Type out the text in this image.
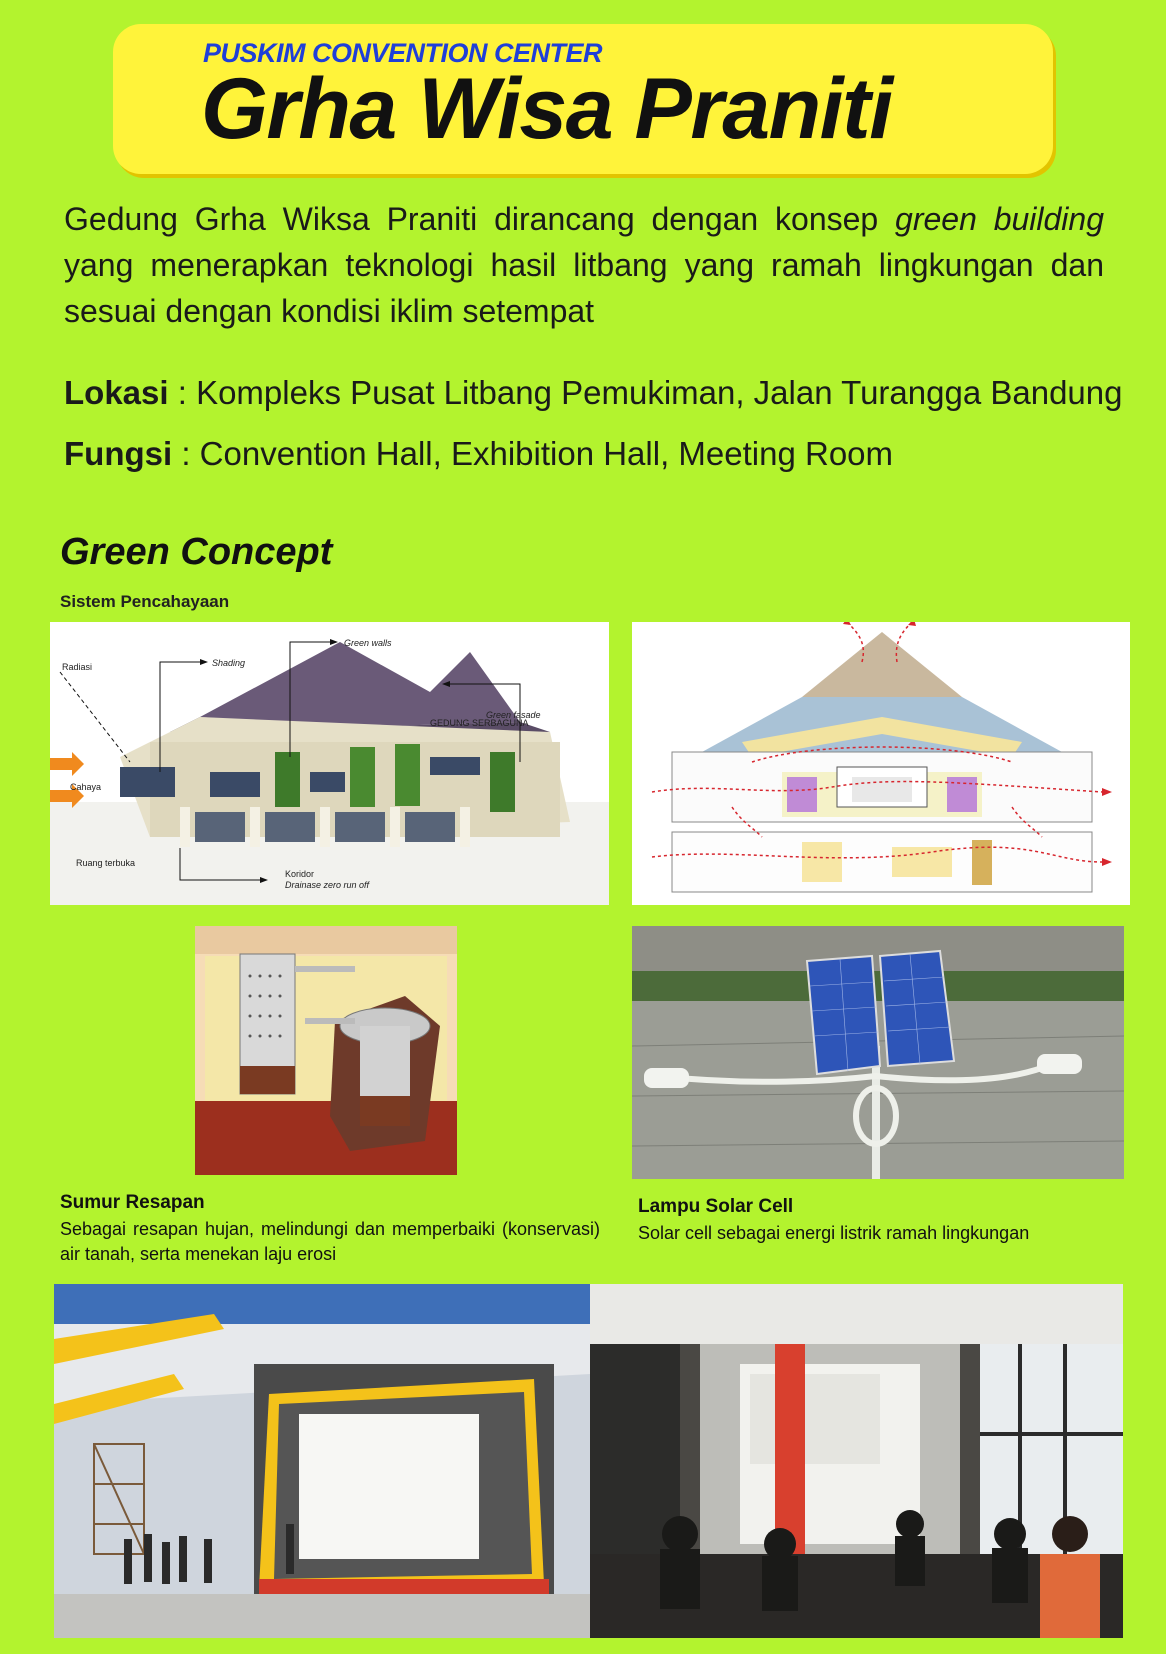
PUSKIM CONVENTION CENTER
Grha Wisa Praniti
Gedung Grha Wiksa Praniti dirancang dengan konsep green building yang menerapkan teknologi hasil litbang yang ramah lingkungan dan sesuai dengan kondisi iklim setempat
Lokasi : Kompleks Pusat Litbang Pemukiman, Jalan Turangga Bandung
Fungsi : Convention Hall, Exhibition Hall, Meeting Room
Green Concept
Sistem Pencahayaan
GEDUNG SERBAGUNA
Green walls
Shading
Radiasi
Green fasade
Cahaya
Ruang terbuka
Koridor
Drainase zero run off
Sumur Resapan
Sebagai resapan hujan, melindungi dan memperbaiki (konservasi) air tanah, serta menekan laju erosi
Lampu Solar Cell
Solar cell sebagai energi listrik ramah lingkungan
